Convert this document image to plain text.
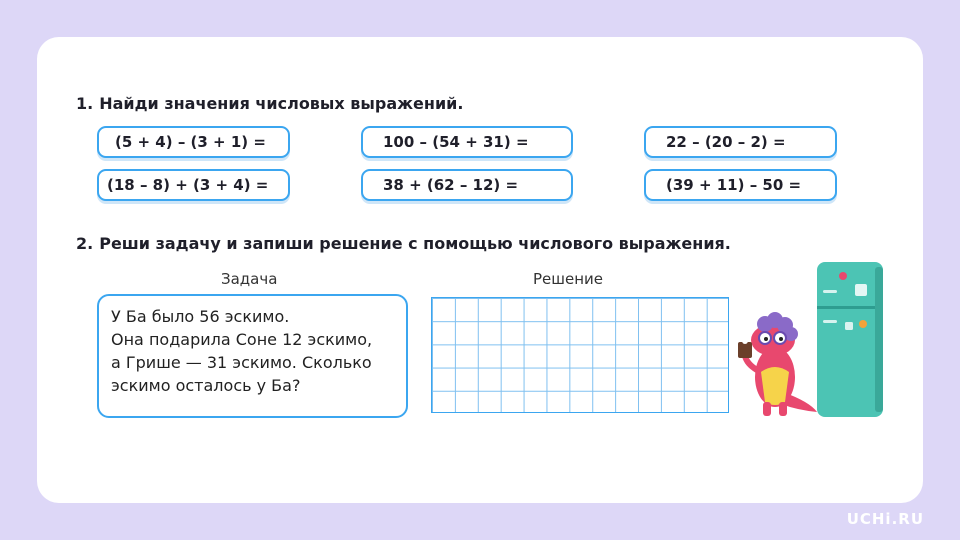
1. Найди значения числовых выражений.
(5 + 4) – (3 + 1) =	100 – (54 + 31) =	22 – (20 – 2) =
(18 – 8) + (3 + 4) =	38 + (62 – 12) =	(39 + 11) – 50 =
2. Реши задачу и запиши решение с помощью числового выражения.
Задача	Решение
У Ба было 56 эскимо.
Она подарила Соне 12 эскимо,
а Грише — 31 эскимо. Сколько
эскимо осталось у Ба?
UCHi.RU
